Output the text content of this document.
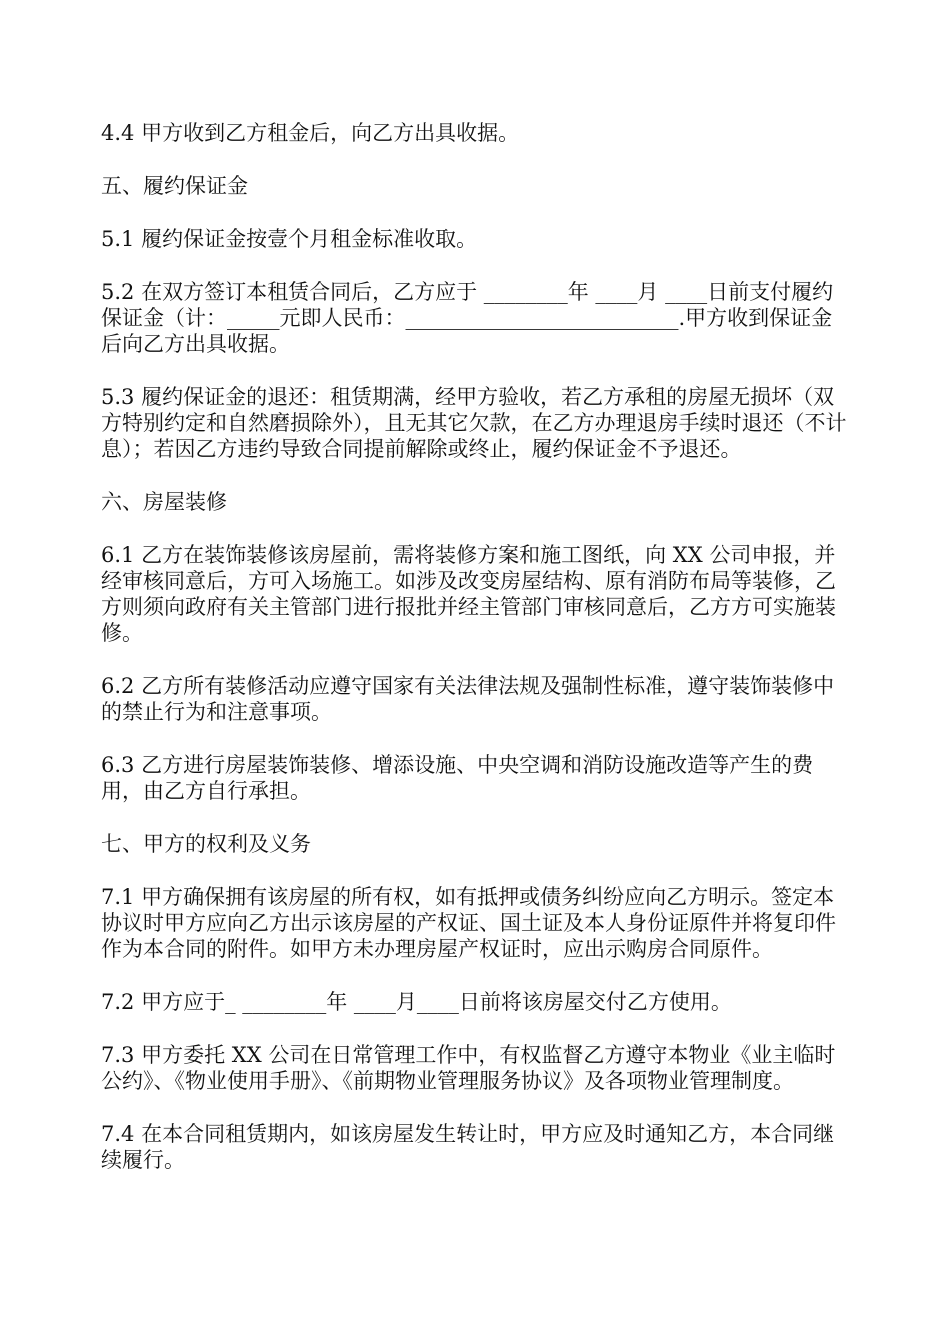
4.4 甲方收到乙方租金后，向乙方出具收据。

五、履约保证金

5.1 履约保证金按壹个月租金标准收取。

5.2 在双方签订本租赁合同后，乙方应于 ________年 ____月 ____日前支付履约保证金（计：_____元即人民币：__________________________.甲方收到保证金后向乙方出具收据。

5.3 履约保证金的退还：租赁期满，经甲方验收，若乙方承租的房屋无损坏（双方特别约定和自然磨损除外），且无其它欠款，在乙方办理退房手续时退还（不计息）；若因乙方违约导致合同提前解除或终止，履约保证金不予退还。

六、房屋装修

6.1 乙方在装饰装修该房屋前，需将装修方案和施工图纸，向 XX 公司申报，并经审核同意后，方可入场施工。如涉及改变房屋结构、原有消防布局等装修，乙方则须向政府有关主管部门进行报批并经主管部门审核同意后，乙方方可实施装修。

6.2 乙方所有装修活动应遵守国家有关法律法规及强制性标准，遵守装饰装修中的禁止行为和注意事项。

6.3 乙方进行房屋装饰装修、增添设施、中央空调和消防设施改造等产生的费用，由乙方自行承担。

七、甲方的权利及义务

7.1 甲方确保拥有该房屋的所有权，如有抵押或债务纠纷应向乙方明示。签定本协议时甲方应向乙方出示该房屋的产权证、国土证及本人身份证原件并将复印件作为本合同的附件。如甲方未办理房屋产权证时，应出示购房合同原件。

7.2 甲方应于_ ________年 ____月____日前将该房屋交付乙方使用。

7.3 甲方委托 XX 公司在日常管理工作中，有权监督乙方遵守本物业《业主临时公约》、《物业使用手册》、《前期物业管理服务协议》及各项物业管理制度。

7.4 在本合同租赁期内，如该房屋发生转让时，甲方应及时通知乙方，本合同继续履行。
